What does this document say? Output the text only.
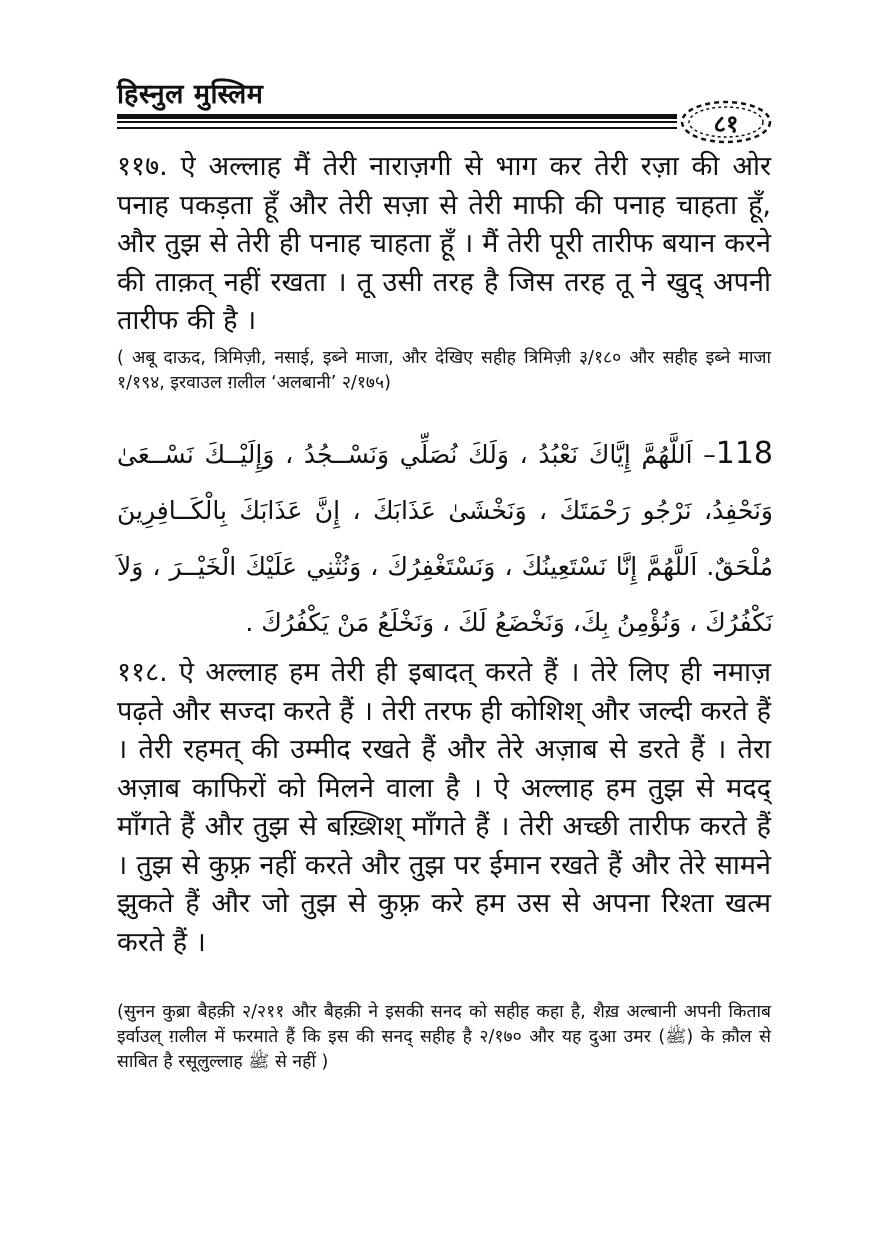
हिस्नुल मुस्लिम
८१
११७. ऐ अल्लाह मैं तेरी नाराज़गी से भाग कर तेरी रज़ा की ओर पनाह पकड़ता हूँ और तेरी सज़ा से तेरी माफी की पनाह चाहता हूँ, और तुझ से तेरी ही पनाह चाहता हूँ । मैं तेरी पूरी तारीफ बयान करने की ताक़त् नहीं रखता । तू उसी तरह है जिस तरह तू ने खुद् अपनी तारीफ की है ।
( अबू दाऊद, त्रिमिज़ी, नसाई, इब्ने माजा, और देखिए सहीह त्रिमिज़ी ३/१८० और सहीह इब्ने माजा १/१९४, इरवाउल ग़लील ‘अलबानी’ २/१७५)
118– اَللَّهُمَّ إِيَّاكَ نَعْبُدُ ، وَلَكَ نُصَلِّي وَنَسْــجُدُ ، وَإِلَيْــكَ نَسْــعَىٰ وَنَحْفِدُ، نَرْجُو رَحْمَتَكَ ، وَنَخْشَىٰ عَذَابَكَ ، إِنَّ عَذَابَكَ بِالْكَــافِرِينَ مُلْحَقٌ. اَللَّهُمَّ إِنَّا نَسْتَعِينُكَ ، وَنَسْتَغْفِرُكَ ، وَنُثْنِي عَلَيْكَ الْخَيْــرَ ، وَلاَ نَكْفُرُكَ ، وَنُؤْمِنُ بِكَ، وَنَخْضَعُ لَكَ ، وَنَخْلَعُ مَنْ يَكْفُرُكَ .
११८. ऐ अल्लाह हम तेरी ही इबादत् करते हैं । तेरे लिए ही नमाज़ पढ़ते और सज्दा करते हैं । तेरी तरफ ही कोशिश् और जल्दी करते हैं । तेरी रहमत् की उम्मीद रखते हैं और तेरे अज़ाब से डरते हैं । तेरा अज़ाब काफिरों को मिलने वाला है । ऐ अल्लाह हम तुझ से मदद् माँगते हैं और तुझ से बख़्शिश् माँगते हैं । तेरी अच्छी तारीफ करते हैं । तुझ से कुफ़्र नहीं करते और तुझ पर ईमान रखते हैं और तेरे सामने झुकते हैं और जो तुझ से कुफ़्र करे हम उस से अपना रिश्ता खत्म करते हैं ।
(सुनन कुब्रा बैहक़ी २/२११ और बैहक़ी ने इसकी सनद को सहीह कहा है, शैख़ अल्बानी अपनी किताब इर्वाउल् ग़लील में फरमाते हैं कि इस की सनद् सहीह है २/१७० और यह दुआ उमर (ﷺ) के क़ौल से साबित है रसूलुल्लाह ﷺ से नहीं )
